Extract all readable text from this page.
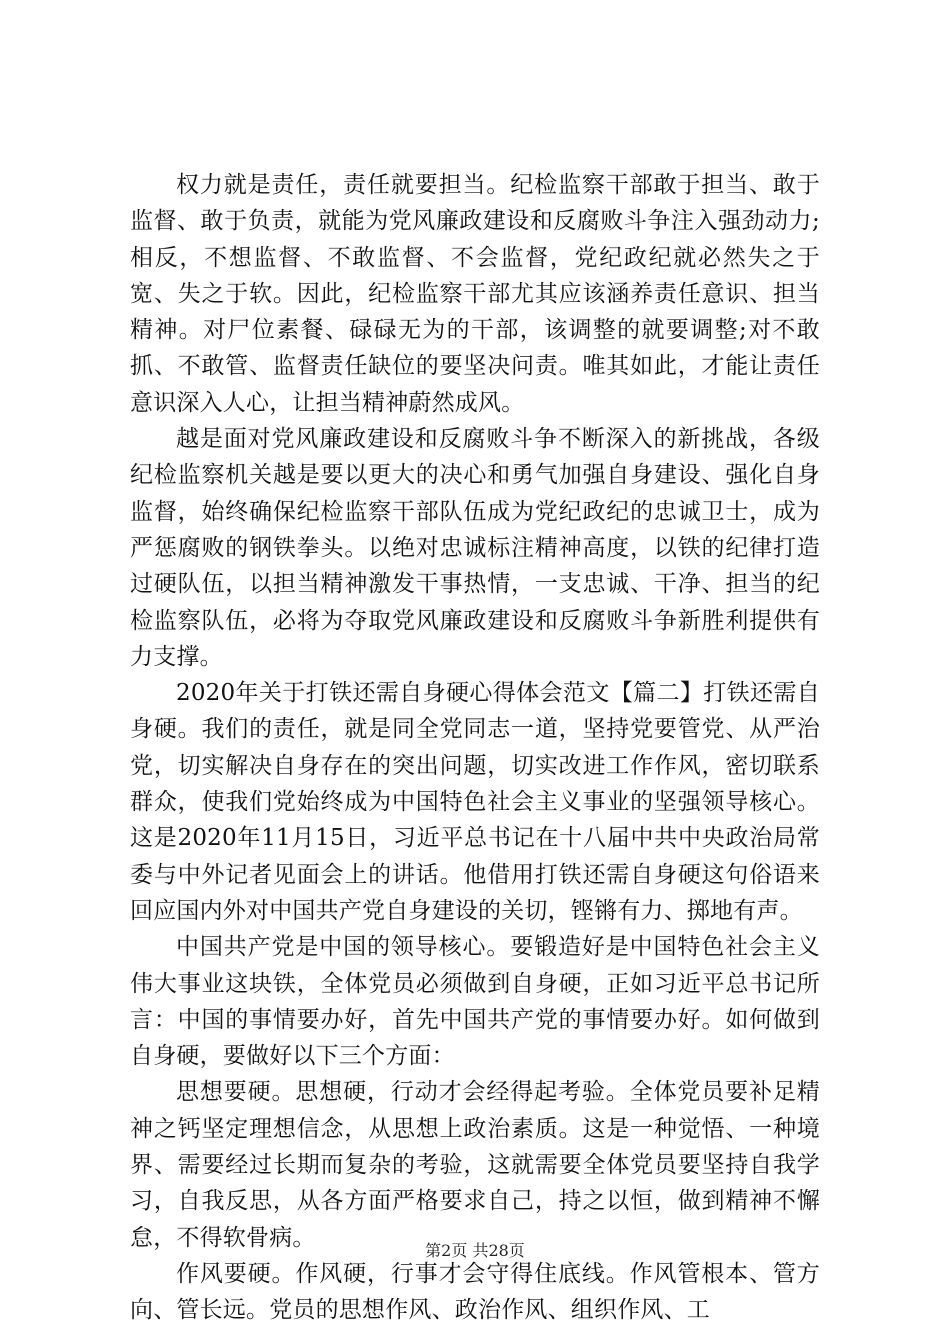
权力就是责任，责任就要担当。纪检监察干部敢于担当、敢于监督、敢于负责，就能为党风廉政建设和反腐败斗争注入强劲动力;相反，不想监督、不敢监督、不会监督，党纪政纪就必然失之于宽、失之于软。因此，纪检监察干部尤其应该涵养责任意识、担当精神。对尸位素餐、碌碌无为的干部，该调整的就要调整;对不敢抓、不敢管、监督责任缺位的要坚决问责。唯其如此，才能让责任意识深入人心，让担当精神蔚然成风。

越是面对党风廉政建设和反腐败斗争不断深入的新挑战，各级纪检监察机关越是要以更大的决心和勇气加强自身建设、强化自身监督，始终确保纪检监察干部队伍成为党纪政纪的忠诚卫士，成为严惩腐败的钢铁拳头。以绝对忠诚标注精神高度，以铁的纪律打造过硬队伍，以担当精神激发干事热情，一支忠诚、干净、担当的纪检监察队伍，必将为夺取党风廉政建设和反腐败斗争新胜利提供有力支撑。

2020年关于打铁还需自身硬心得体会范文【篇二】打铁还需自身硬。我们的责任，就是同全党同志一道，坚持党要管党、从严治党，切实解决自身存在的突出问题，切实改进工作作风，密切联系群众，使我们党始终成为中国特色社会主义事业的坚强领导核心。这是2020年11月15日，习近平总书记在十八届中共中央政治局常委与中外记者见面会上的讲话。他借用打铁还需自身硬这句俗语来回应国内外对中国共产党自身建设的关切，铿锵有力、掷地有声。

中国共产党是中国的领导核心。要锻造好是中国特色社会主义伟大事业这块铁，全体党员必须做到自身硬，正如习近平总书记所言：中国的事情要办好，首先中国共产党的事情要办好。如何做到自身硬，要做好以下三个方面：

思想要硬。思想硬，行动才会经得起考验。全体党员要补足精神之钙坚定理想信念，从思想上政治素质。这是一种觉悟、一种境界、需要经过长期而复杂的考验，这就需要全体党员要坚持自我学习，自我反思，从各方面严格要求自己，持之以恒，做到精神不懈怠，不得软骨病。

作风要硬。作风硬，行事才会守得住底线。作风管根本、管方向、管长远。党员的思想作风、政治作风、组织作风、工

第2页 共28页
